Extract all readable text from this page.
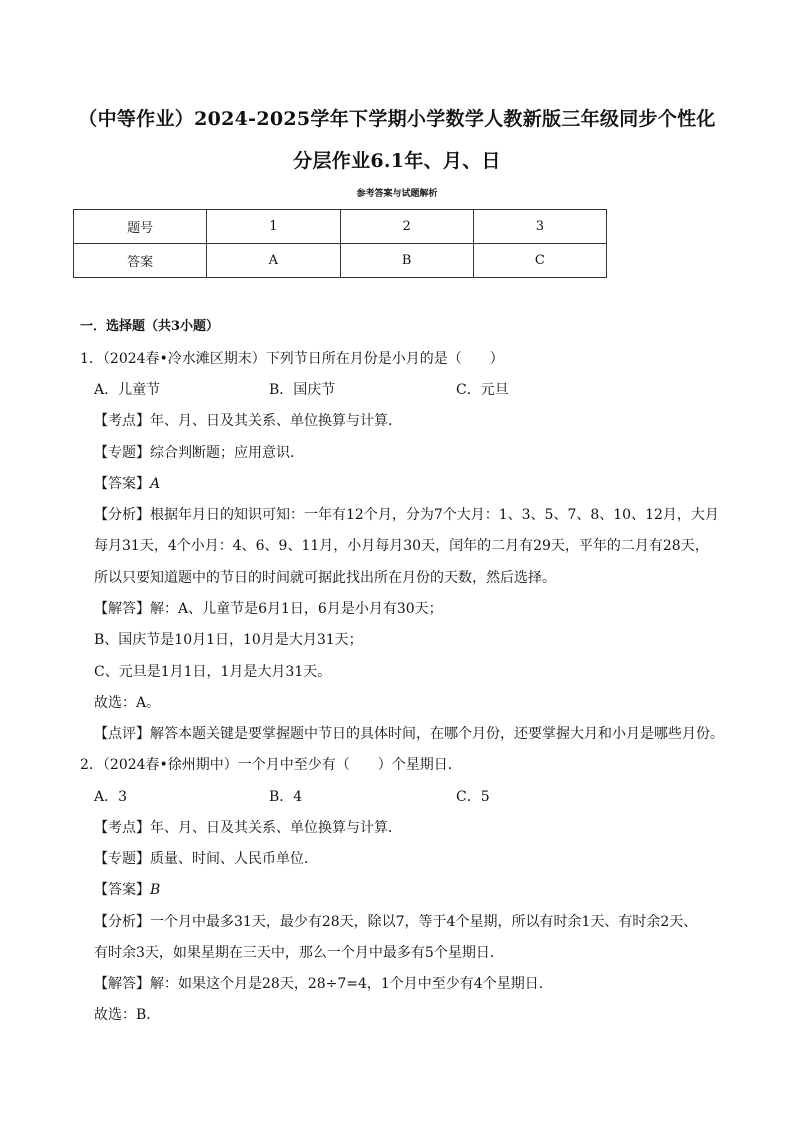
（中等作业）2024-2025学年下学期小学数学人教新版三年级同步个性化
分层作业6.1年、月、日
参考答案与试题解析
题号	1	2	3
答案	A	B	C
一．选择题（共3小题）
1．（2024春•冷水滩区期末）下列节日所在月份是小月的是（　　）
A．儿童节	B．国庆节	C．元旦
【考点】年、月、日及其关系、单位换算与计算．
【专题】综合判断题；应用意识．
【答案】A
【分析】根据年月日的知识可知：一年有12个月，分为7个大月：1、3、5、7、8、10、12月，大月
每月31天，4个小月：4、6、9、11月，小月每月30天，闰年的二月有29天，平年的二月有28天，
所以只要知道题中的节日的时间就可据此找出所在月份的天数，然后选择。
【解答】解：A、儿童节是6月1日，6月是小月有30天；
B、国庆节是10月1日，10月是大月31天；
C、元旦是1月1日，1月是大月31天。
故选：A。
【点评】解答本题关键是要掌握题中节日的具体时间，在哪个月份，还要掌握大月和小月是哪些月份。
2．（2024春•徐州期中）一个月中至少有（　　）个星期日．
A．3	B．4	C．5
【考点】年、月、日及其关系、单位换算与计算．
【专题】质量、时间、人民币单位．
【答案】B
【分析】一个月中最多31天，最少有28天，除以7，等于4个星期，所以有时余1天、有时余2天、
有时余3天，如果星期在三天中，那么一个月中最多有5个星期日．
【解答】解：如果这个月是28天，28÷7=4，1个月中至少有4个星期日．
故选：B．
